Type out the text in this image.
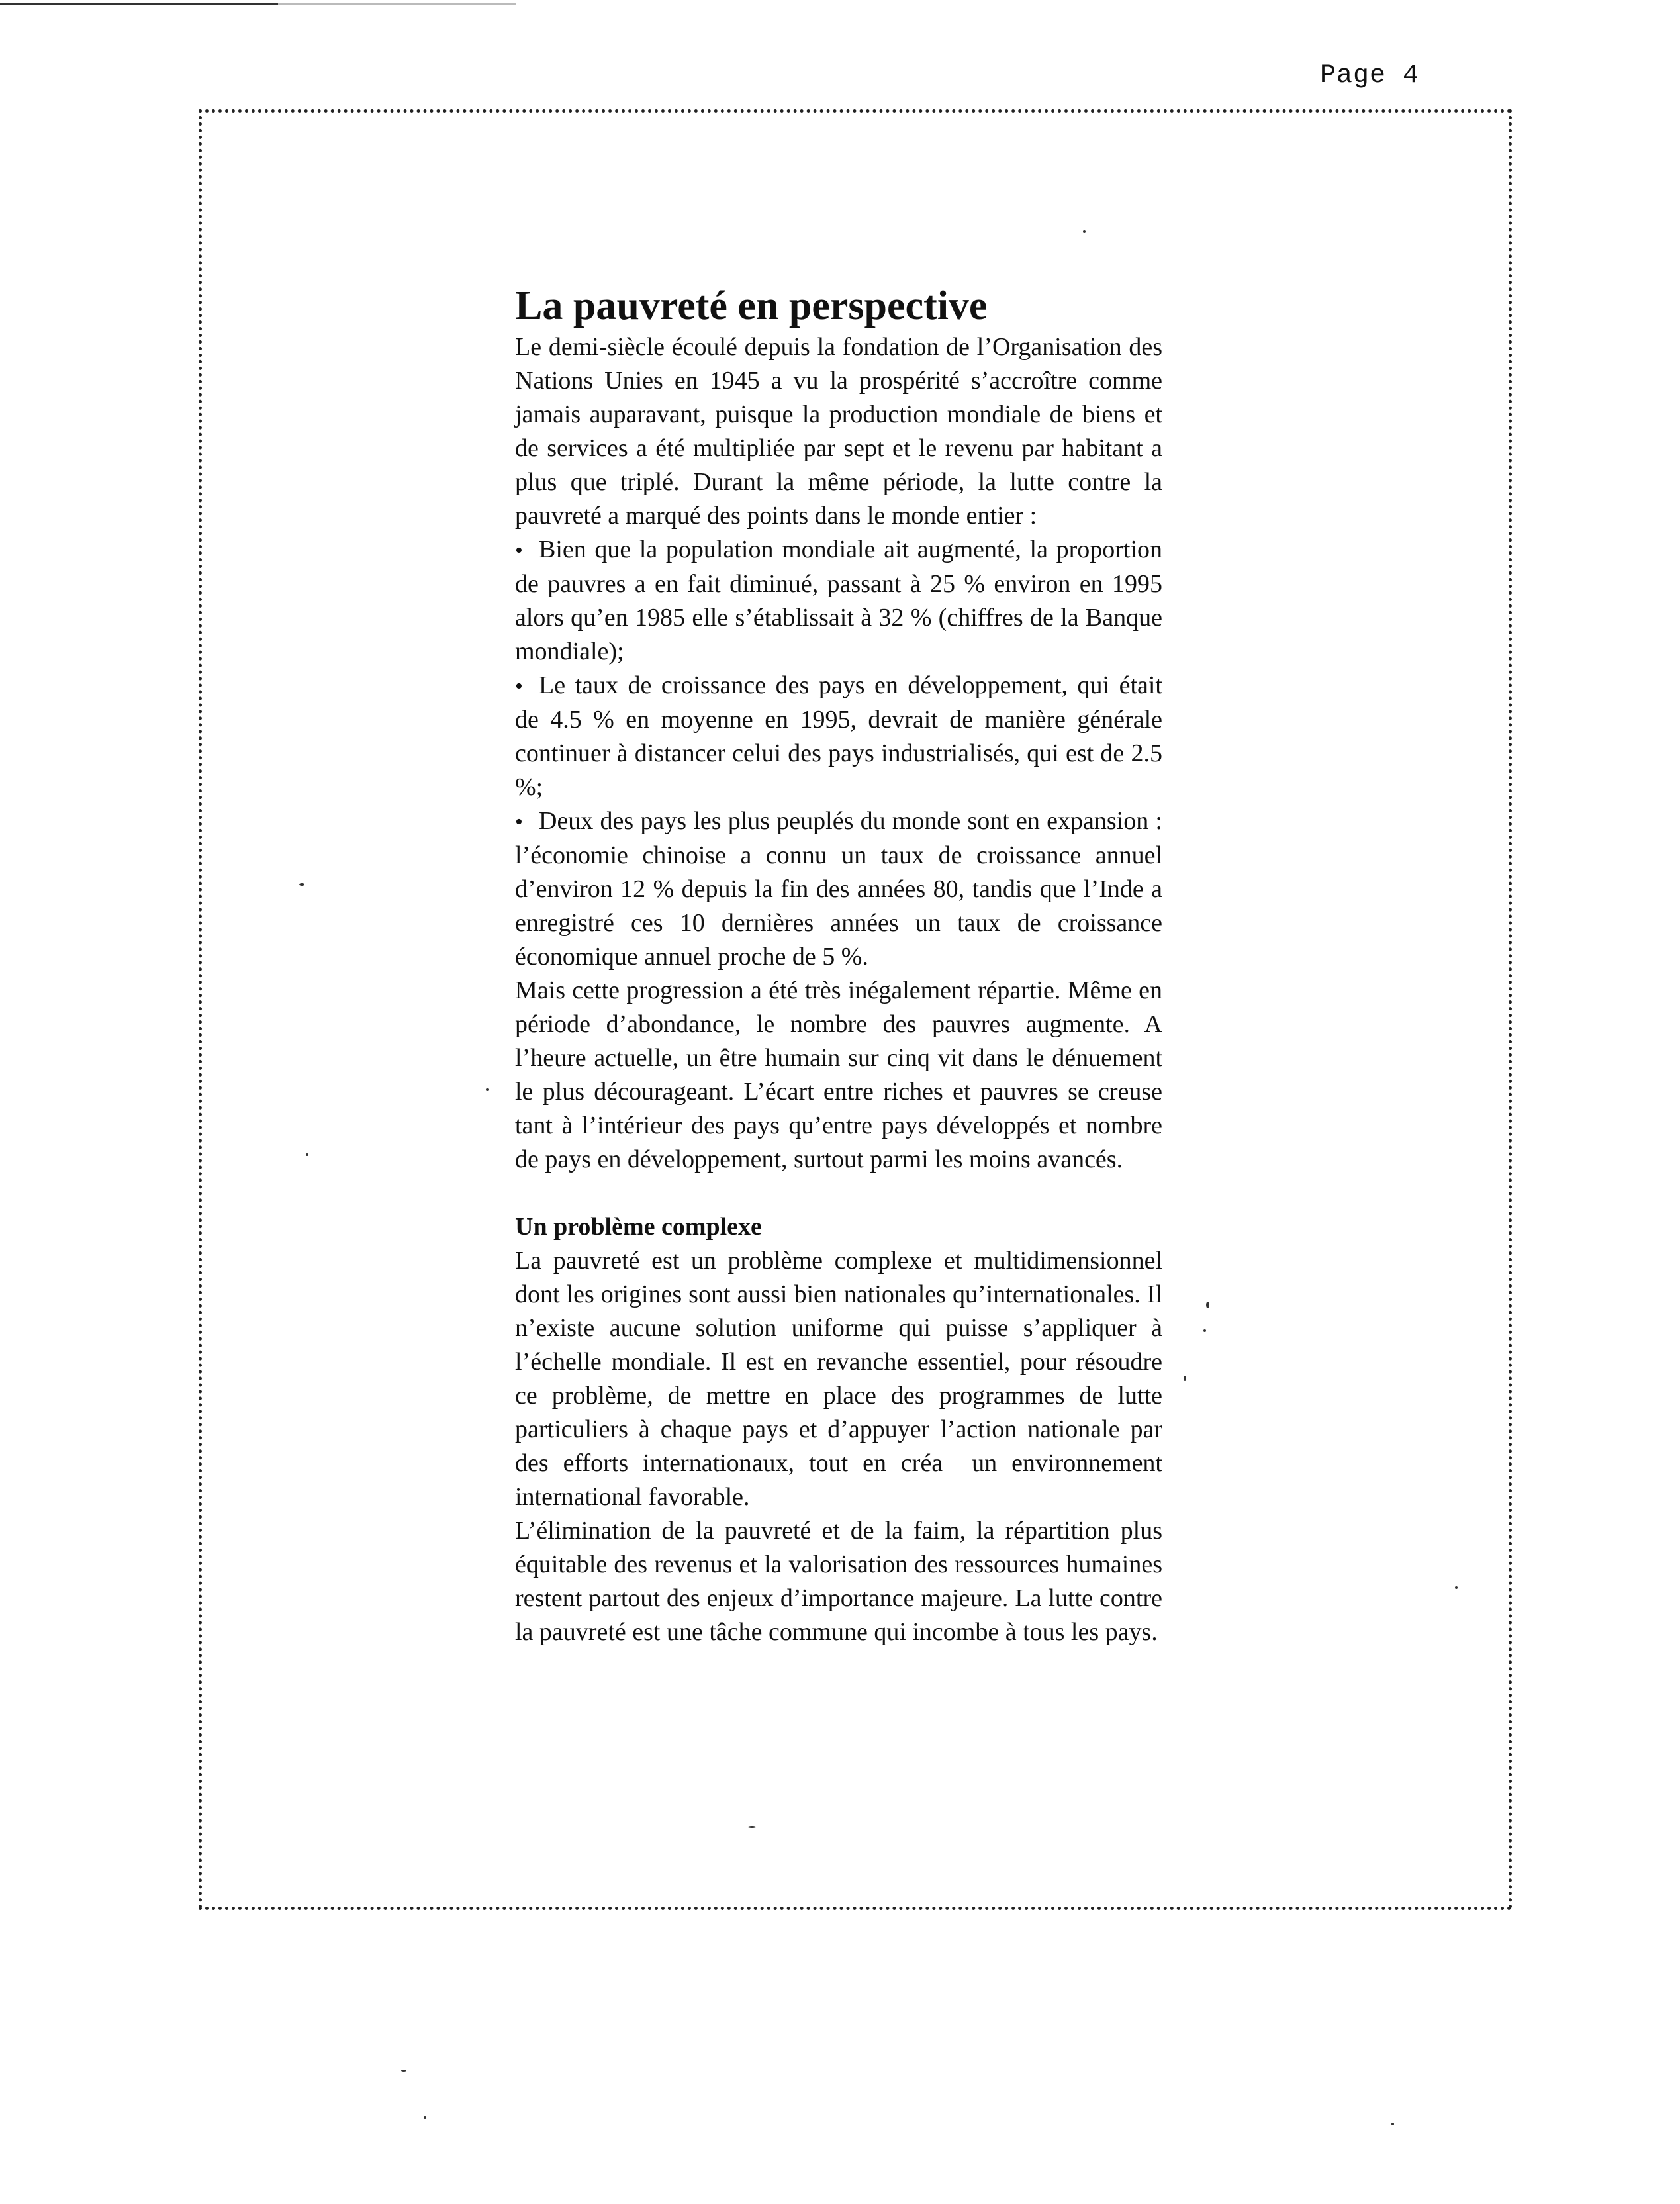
Page 4
La pauvreté en perspective

Le demi-siècle écoulé depuis la fondation de l’Organisation des Nations Unies en 1945 a vu la prospérité s’accroître comme jamais auparavant, puisque la production mondiale de biens et de services a été multipliée par sept et le revenu par habitant a plus que triplé. Durant la même période, la lutte contre la pauvreté a marqué des points dans le monde entier :

• Bien que la population mondiale ait augmenté, la proportion de pauvres a en fait diminué, passant à 25 % environ en 1995 alors qu’en 1985 elle s’établissait à 32 % (chiffres de la Banque mondiale);
• Le taux de croissance des pays en développement, qui était de 4.5 % en moyenne en 1995, devrait de manière générale continuer à distancer celui des pays industrialisés, qui est de 2.5 %;
• Deux des pays les plus peuplés du monde sont en expansion : l’économie chinoise a connu un taux de croissance annuel d’environ 12 % depuis la fin des années 80, tandis que l’Inde a enregistré ces 10 dernières années un taux de croissance économique annuel proche de 5 %.

Mais cette progression a été très inégalement répartie. Même en période d’abondance, le nombre des pauvres augmente. A l’heure actuelle, un être humain sur cinq vit dans le dénuement le plus décourageant. L’écart entre riches et pauvres se creuse tant à l’intérieur des pays qu’entre pays développés et nombre de pays en développement, surtout parmi les moins avancés.

Un problème complexe

La pauvreté est un problème complexe et multidimensionnel dont les origines sont aussi bien nationales qu’internationales. Il n’existe aucune solution uniforme qui puisse s’appliquer à l’échelle mondiale. Il est en revanche essentiel, pour résoudre ce problème, de mettre en place des programmes de lutte particuliers à chaque pays et d’appuyer l’action nationale par des efforts internationaux, tout en créa  un environnement international favorable.

L’élimination de la pauvreté et de la faim, la répartition plus équitable des revenus et la valorisation des ressources humaines restent partout des enjeux d’importance majeure. La lutte contre la pauvreté est une tâche commune qui incombe à tous les pays.
